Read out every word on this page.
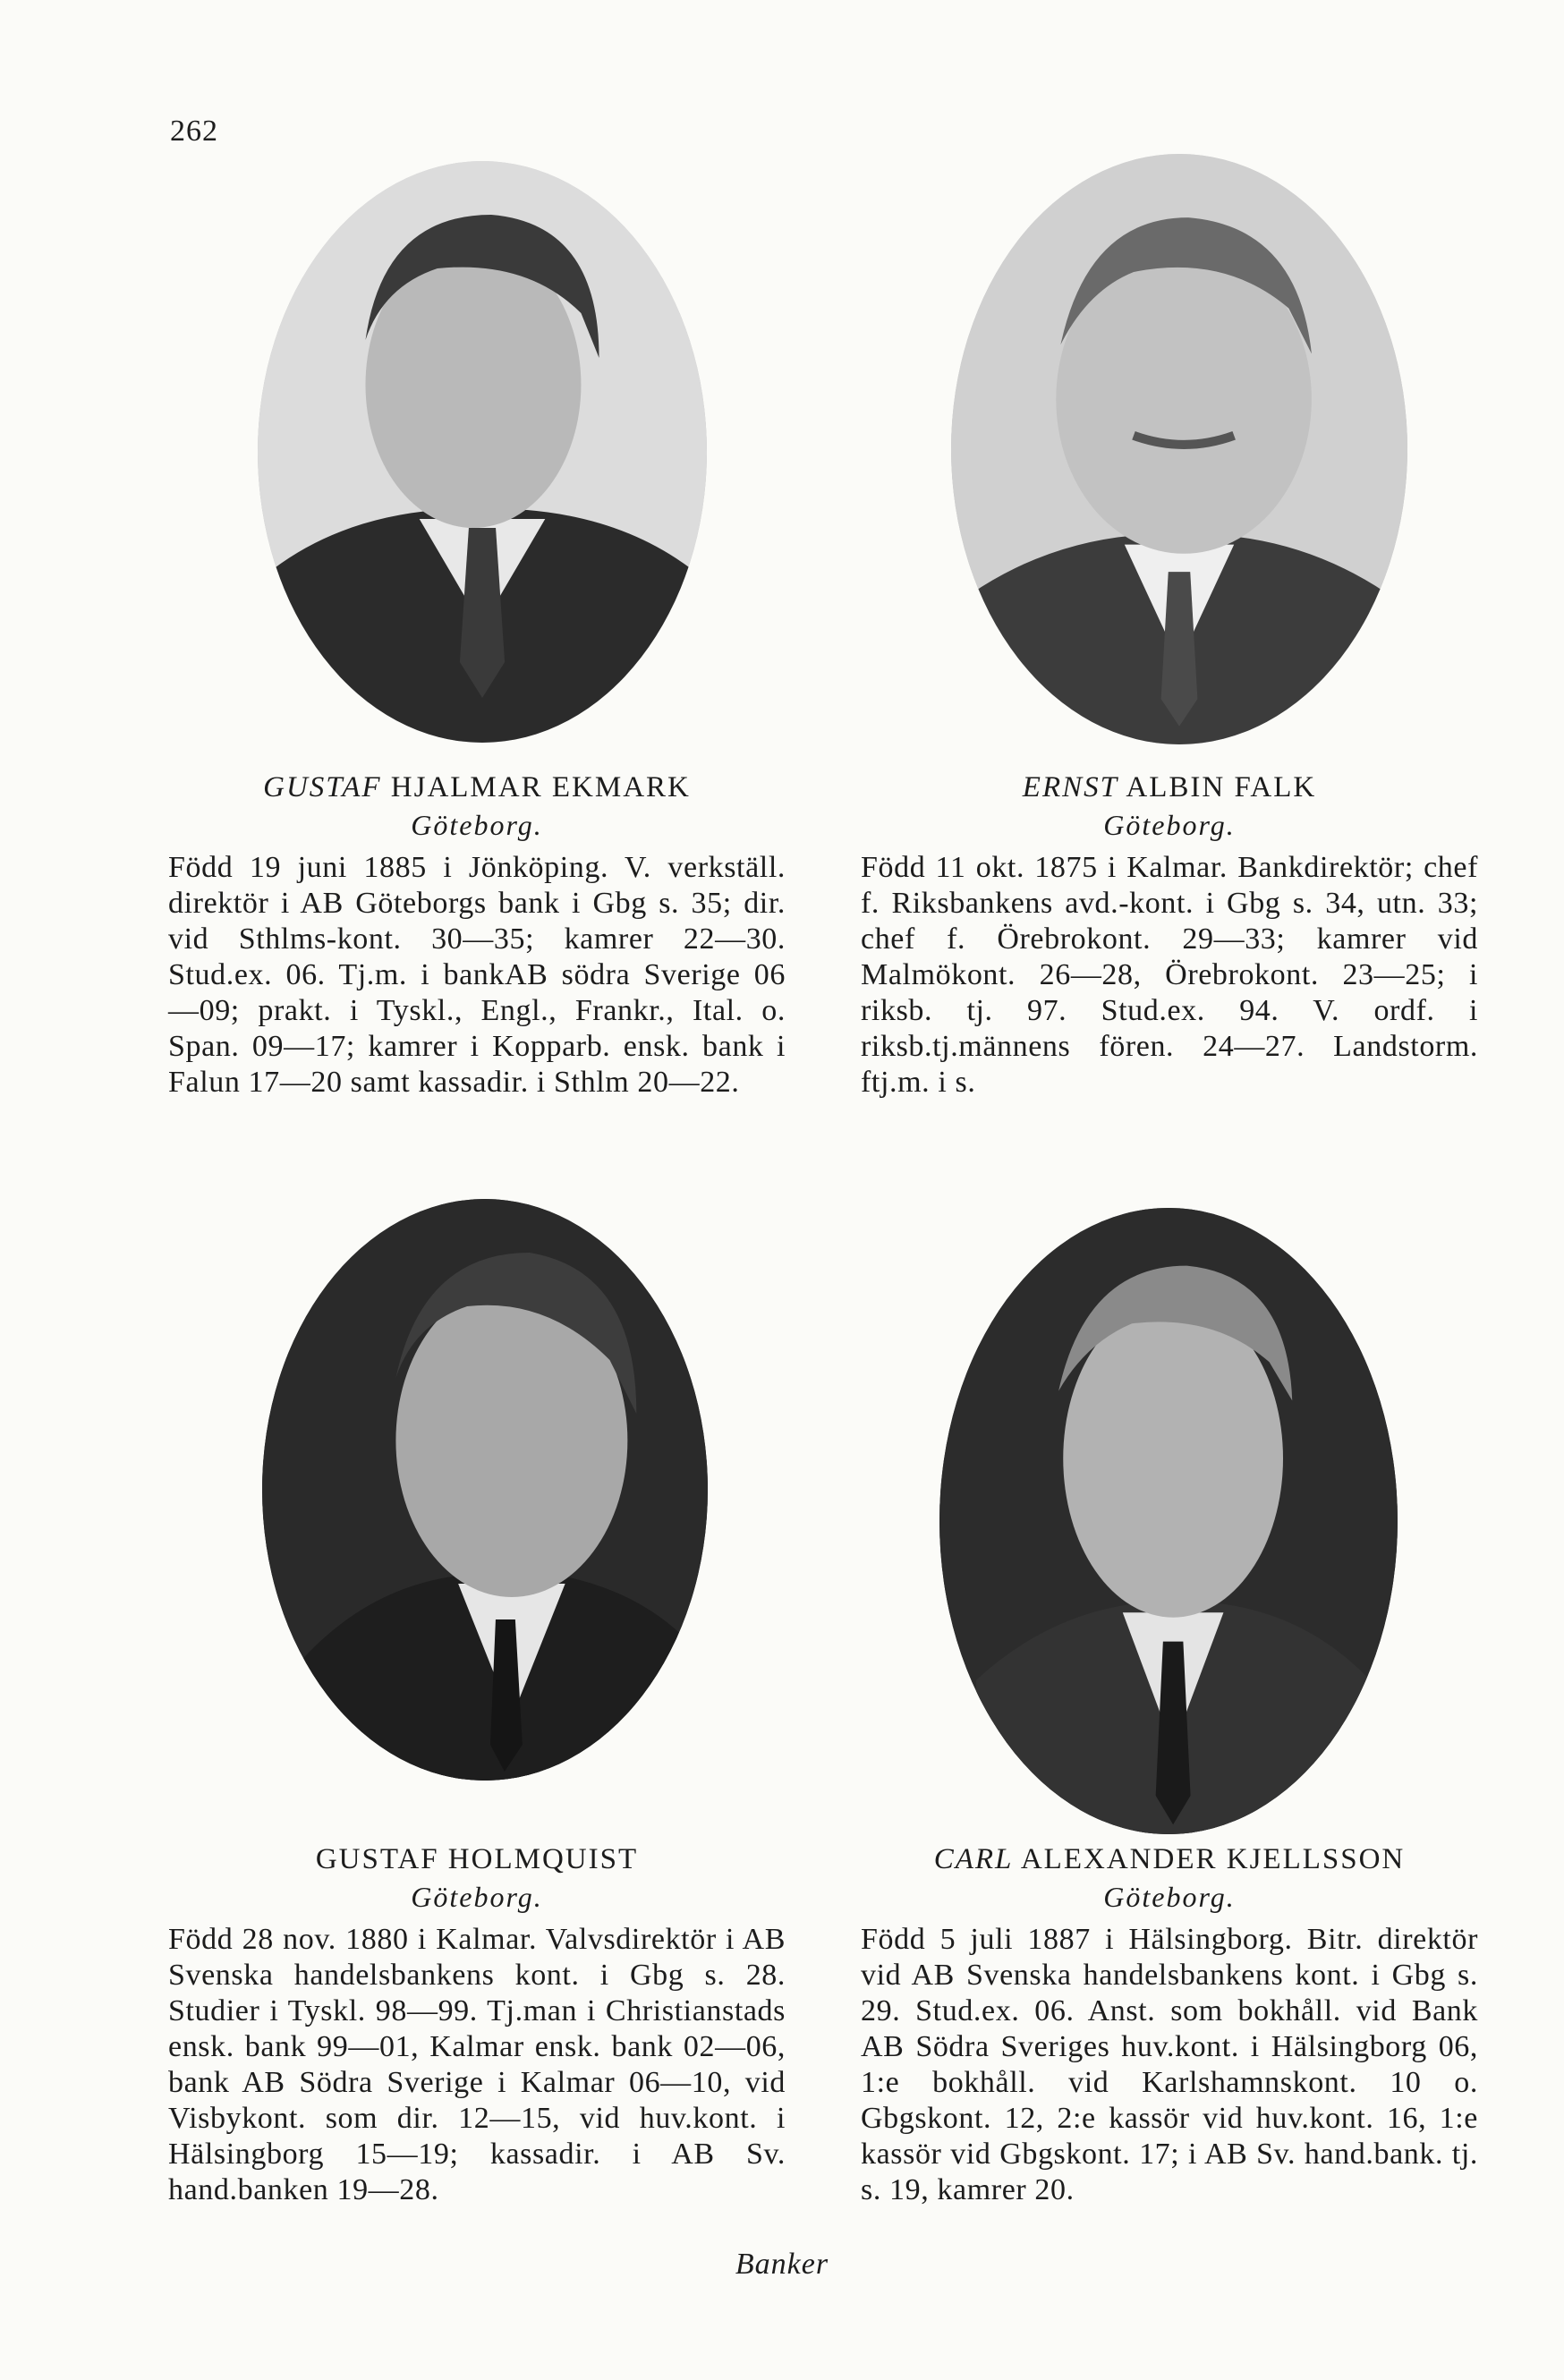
262
GUSTAF HJALMAR EKMARK
Göteborg.
Född 19 juni 1885 i Jönköping. V. verkställ. direktör i AB Göteborgs bank i Gbg s. 35; dir. vid Sthlms-kont. 30—35; kamrer 22—30. Stud.ex. 06. Tj.m. i bankAB södra Sverige 06 —09; prakt. i Tyskl., Engl., Frankr., Ital. o. Span. 09—17; kamrer i Kopparb. ensk. bank i Falun 17—20 samt kassadir. i Sthlm 20—22.
ERNST ALBIN FALK
Göteborg.
Född 11 okt. 1875 i Kalmar. Bankdirektör; chef f. Riksbankens avd.-kont. i Gbg s. 34, utn. 33; chef f. Örebrokont. 29—33; kamrer vid Malmökont. 26—28, Örebrokont. 23—25; i riksb. tj. 97. Stud.ex. 94. V. ordf. i riksb.tj.männens fören. 24—27. Landstorm. ftj.m. i s.
GUSTAF HOLMQUIST
Göteborg.
Född 28 nov. 1880 i Kalmar. Valvsdirektör i AB Svenska handelsbankens kont. i Gbg s. 28. Studier i Tyskl. 98—99. Tj.man i Christianstads ensk. bank 99—01, Kalmar ensk. bank 02—06, bank AB Södra Sverige i Kalmar 06—10, vid Visbykont. som dir. 12—15, vid huv.kont. i Hälsingborg 15—19; kassadir. i AB Sv. hand.banken 19—28.
CARL ALEXANDER KJELLSSON
Göteborg.
Född 5 juli 1887 i Hälsingborg. Bitr. direktör vid AB Svenska handelsbankens kont. i Gbg s. 29. Stud.ex. 06. Anst. som bokhåll. vid Bank AB Södra Sveriges huv.kont. i Hälsingborg 06, 1:e bokhåll. vid Karlshamnskont. 10 o. Gbgskont. 12, 2:e kassör vid huv.kont. 16, 1:e kassör vid Gbgskont. 17; i AB Sv. hand.bank. tj. s. 19, kamrer 20.
Banker
